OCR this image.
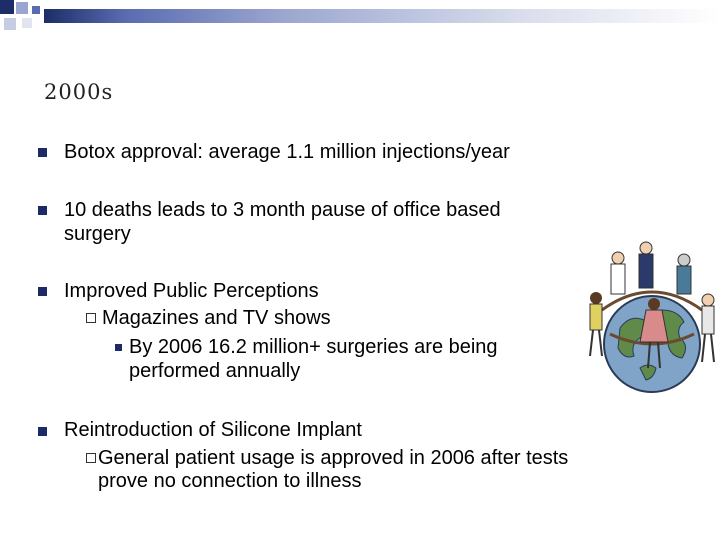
2000s
Botox approval: average 1.1 million injections/year
10 deaths leads to 3 month pause of office based
surgery
Improved Public Perceptions
Magazines and TV shows
By 2006 16.2 million+ surgeries are being
performed annually
Reintroduction of Silicone Implant
General patient usage is approved in 2006 after tests
prove no connection to illness
